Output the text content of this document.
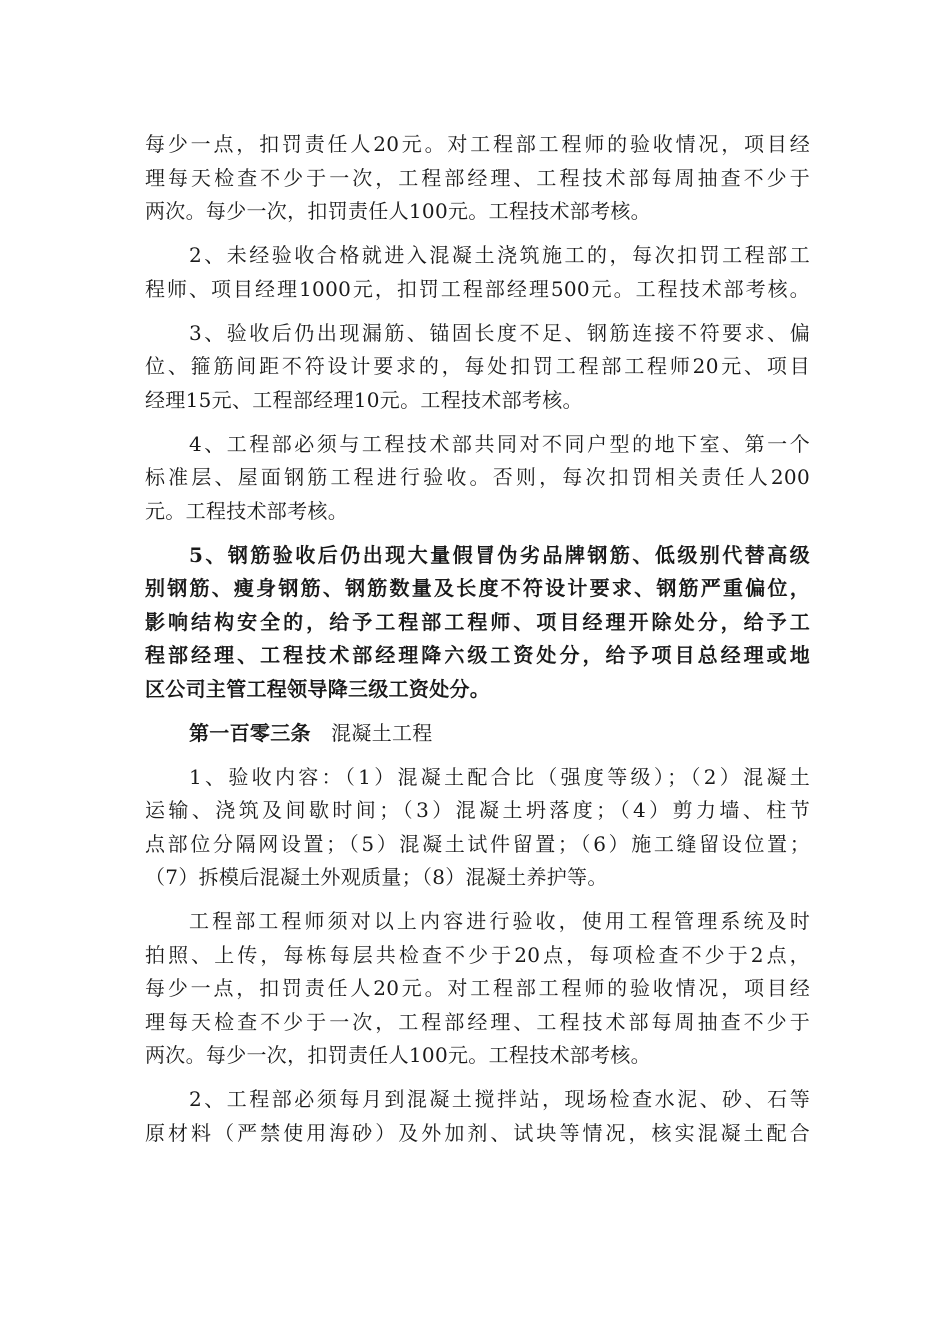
每少一点，扣罚责任人20元。对工程部工程师的验收情况，项目经
理每天检查不少于一次，工程部经理、工程技术部每周抽查不少于
两次。每少一次，扣罚责任人100元。工程技术部考核。
2、未经验收合格就进入混凝土浇筑施工的，每次扣罚工程部工
程师、项目经理1000元，扣罚工程部经理500元。工程技术部考核。
3、验收后仍出现漏筋、锚固长度不足、钢筋连接不符要求、偏
位、箍筋间距不符设计要求的，每处扣罚工程部工程师20元、项目
经理15元、工程部经理10元。工程技术部考核。
4、工程部必须与工程技术部共同对不同户型的地下室、第一个
标准层、屋面钢筋工程进行验收。否则，每次扣罚相关责任人200
元。工程技术部考核。
5、钢筋验收后仍出现大量假冒伪劣品牌钢筋、低级别代替高级
别钢筋、瘦身钢筋、钢筋数量及长度不符设计要求、钢筋严重偏位，
影响结构安全的，给予工程部工程师、项目经理开除处分，给予工
程部经理、工程技术部经理降六级工资处分，给予项目总经理或地
区公司主管工程领导降三级工资处分。
第一百零三条　混凝土工程
1、验收内容：（1）混凝土配合比（强度等级）；（2）混凝土
运输、浇筑及间歇时间；（3）混凝土坍落度；（4）剪力墙、柱节
点部位分隔网设置；（5）混凝土试件留置；（6）施工缝留设位置；
（7）拆模后混凝土外观质量；（8）混凝土养护等。
工程部工程师须对以上内容进行验收，使用工程管理系统及时
拍照、上传，每栋每层共检查不少于20点，每项检查不少于2点，
每少一点，扣罚责任人20元。对工程部工程师的验收情况，项目经
理每天检查不少于一次，工程部经理、工程技术部每周抽查不少于
两次。每少一次，扣罚责任人100元。工程技术部考核。
2、工程部必须每月到混凝土搅拌站，现场检查水泥、砂、石等
原材料（严禁使用海砂）及外加剂、试块等情况，核实混凝土配合
